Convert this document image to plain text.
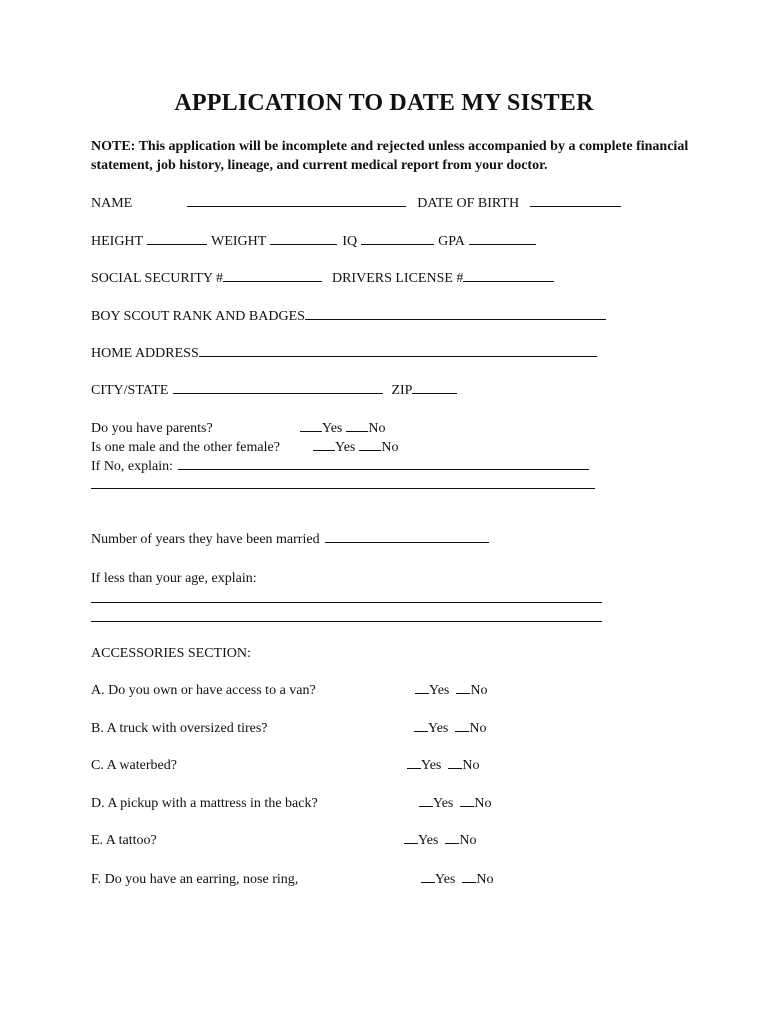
APPLICATION TO DATE MY SISTER

NOTE: This application will be incomplete and rejected unless accompanied by a complete financial statement, job history, lineage, and current medical report from your doctor.

NAME	DATE OF BIRTH
HEIGHT	WEIGHT	IQ	GPA
SOCIAL SECURITY #	DRIVERS LICENSE #
BOY SCOUT RANK AND BADGES
HOME ADDRESS
CITY/STATE	ZIP
Do you have parents?	Yes No
Is one male and the other female?	Yes No
If No, explain:
Number of years they have been married
If less than your age, explain:
ACCESSORIES SECTION:
A. Do you own or have access to a van?	Yes No
B. A truck with oversized tires?	Yes No
C. A waterbed?	Yes No
D. A pickup with a mattress in the back?	Yes No
E. A tattoo?	Yes No
F. Do you have an earring, nose ring,	Yes No
